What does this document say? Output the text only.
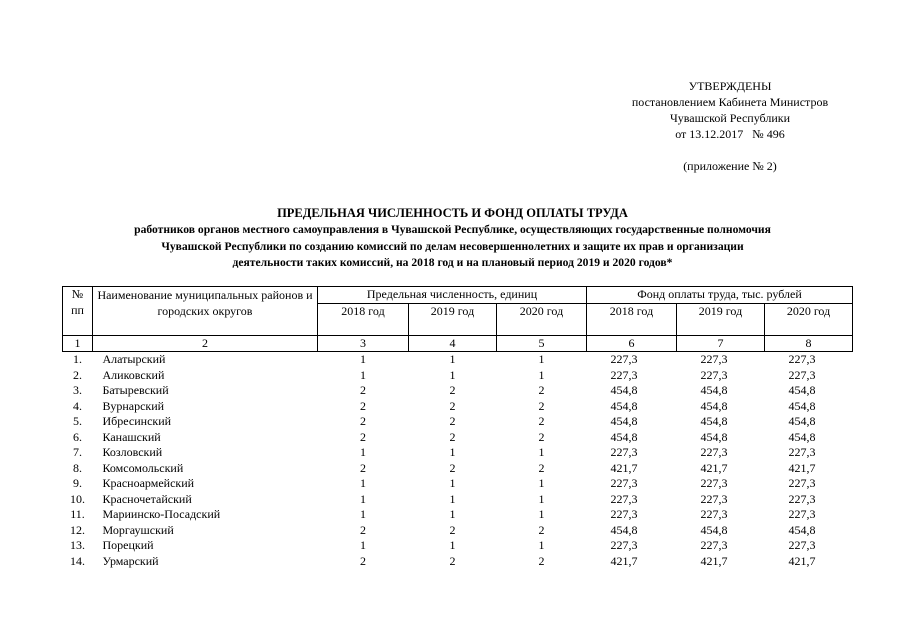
УТВЕРЖДЕНЫ
постановлением Кабинета Министров
Чувашской Республики
от 13.12.2017   № 496
(приложение № 2)
ПРЕДЕЛЬНАЯ ЧИСЛЕННОСТЬ И ФОНД ОПЛАТЫ ТРУДА
работников органов местного самоуправления в Чувашской Республике, осуществляющих государственные полномочия
Чувашской Республики по созданию комиссий по делам несовершеннолетних и защите их прав и организации
деятельности таких комиссий, на 2018 год и на плановый период 2019 и 2020 годов*
№
пп	Наименование муниципальных районов и городских округов	Предельная численность, единиц			Фонд оплаты труда, тыс. рублей		
		2018 год	2019 год	2020 год	2018 год	2019 год	2020 год
1	2	3	4	5	6	7	8
1.	Алатырский	1	1	1	227,3	227,3	227,3
2.	Аликовский	1	1	1	227,3	227,3	227,3
3.	Батыревский	2	2	2	454,8	454,8	454,8
4.	Вурнарский	2	2	2	454,8	454,8	454,8
5.	Ибресинский	2	2	2	454,8	454,8	454,8
6.	Канашский	2	2	2	454,8	454,8	454,8
7.	Козловский	1	1	1	227,3	227,3	227,3
8.	Комсомольский	2	2	2	421,7	421,7	421,7
9.	Красноармейский	1	1	1	227,3	227,3	227,3
10.	Красночетайский	1	1	1	227,3	227,3	227,3
11.	Мариинско-Посадский	1	1	1	227,3	227,3	227,3
12.	Моргаушский	2	2	2	454,8	454,8	454,8
13.	Порецкий	1	1	1	227,3	227,3	227,3
14.	Урмарский	2	2	2	421,7	421,7	421,7
